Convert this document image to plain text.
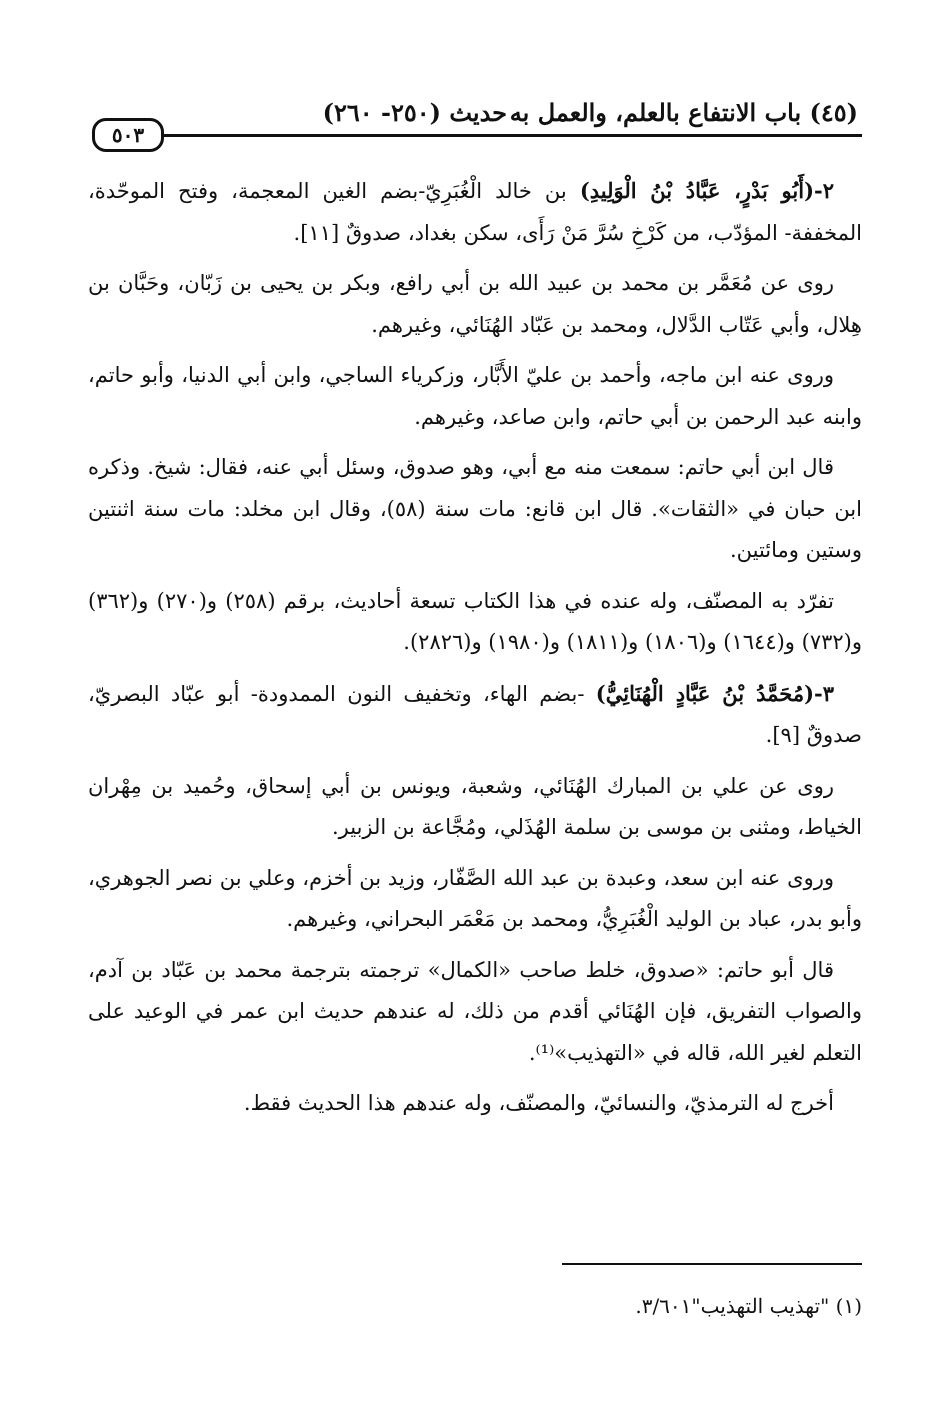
(٤٥) باب الانتفاع بالعلم، والعمل به
حديث (٢٥٠- ٢٦٠)
٥٠٣

٢-(أَبُو بَدْرٍ، عَبَّادُ بْنُ الْوَلِيدِ) بن خالد الْغُبَرِيّ-بضم الغين المعجمة، وفتح الموحّدة، المخففة- المؤدّب، من كَرْخِ سُرَّ مَنْ رَأَى، سكن بغداد، صدوقٌ [١١].

روى عن مُعَمَّر بن محمد بن عبيد الله بن أبي رافع، وبكر بن يحيى بن زَبّان، وحَبَّان بن هِلال، وأبي عَتّاب الدَّلال، ومحمد بن عَبّاد الهُنَائي، وغيرهم.

وروى عنه ابن ماجه، وأحمد بن عليّ الأَبَّار، وزكرياء الساجي، وابن أبي الدنيا، وأبو حاتم، وابنه عبد الرحمن بن أبي حاتم، وابن صاعد، وغيرهم.

قال ابن أبي حاتم: سمعت منه مع أبي، وهو صدوق، وسئل أبي عنه، فقال: شيخ. وذكره ابن حبان في «الثقات». قال ابن قانع: مات سنة (٥٨)، وقال ابن مخلد: مات سنة اثنتين وستين ومائتين.

تفرّد به المصنّف، وله عنده في هذا الكتاب تسعة أحاديث، برقم (٢٥٨) و(٢٧٠) و(٣٦٢) و(٧٣٢) و(١٦٤٤) و(١٨٠٦) و(١٨١١) و(١٩٨٠) و(٢٨٢٦).

٣-(مُحَمَّدُ بْنُ عَبَّادٍ الْهُنَائِيُّ) -بضم الهاء، وتخفيف النون الممدودة- أبو عبّاد البصريّ، صدوقٌ [٩].

روى عن علي بن المبارك الهُنَائي، وشعبة، ويونس بن أبي إسحاق، وحُميد بن مِهْران الخياط، ومثنى بن موسى بن سلمة الهُذَلي، ومُجَّاعة بن الزبير.

وروى عنه ابن سعد، وعبدة بن عبد الله الصَّفّار، وزيد بن أخزم، وعلي بن نصر الجوهري، وأبو بدر، عباد بن الوليد الْغُبَرِيُّ، ومحمد بن مَعْمَر البحراني، وغيرهم.

قال أبو حاتم: «صدوق، خلط صاحب «الكمال» ترجمته بترجمة محمد بن عَبّاد بن آدم، والصواب التفريق، فإن الهُنَائي أقدم من ذلك، له عندهم حديث ابن عمر في الوعيد على التعلم لغير الله، قاله في «التهذيب»⁽¹⁾.

أخرج له الترمذيّ، والنسائيّ، والمصنّف، وله عندهم هذا الحديث فقط.

(١) "تهذيب التهذيب"٣/٦٠١.
